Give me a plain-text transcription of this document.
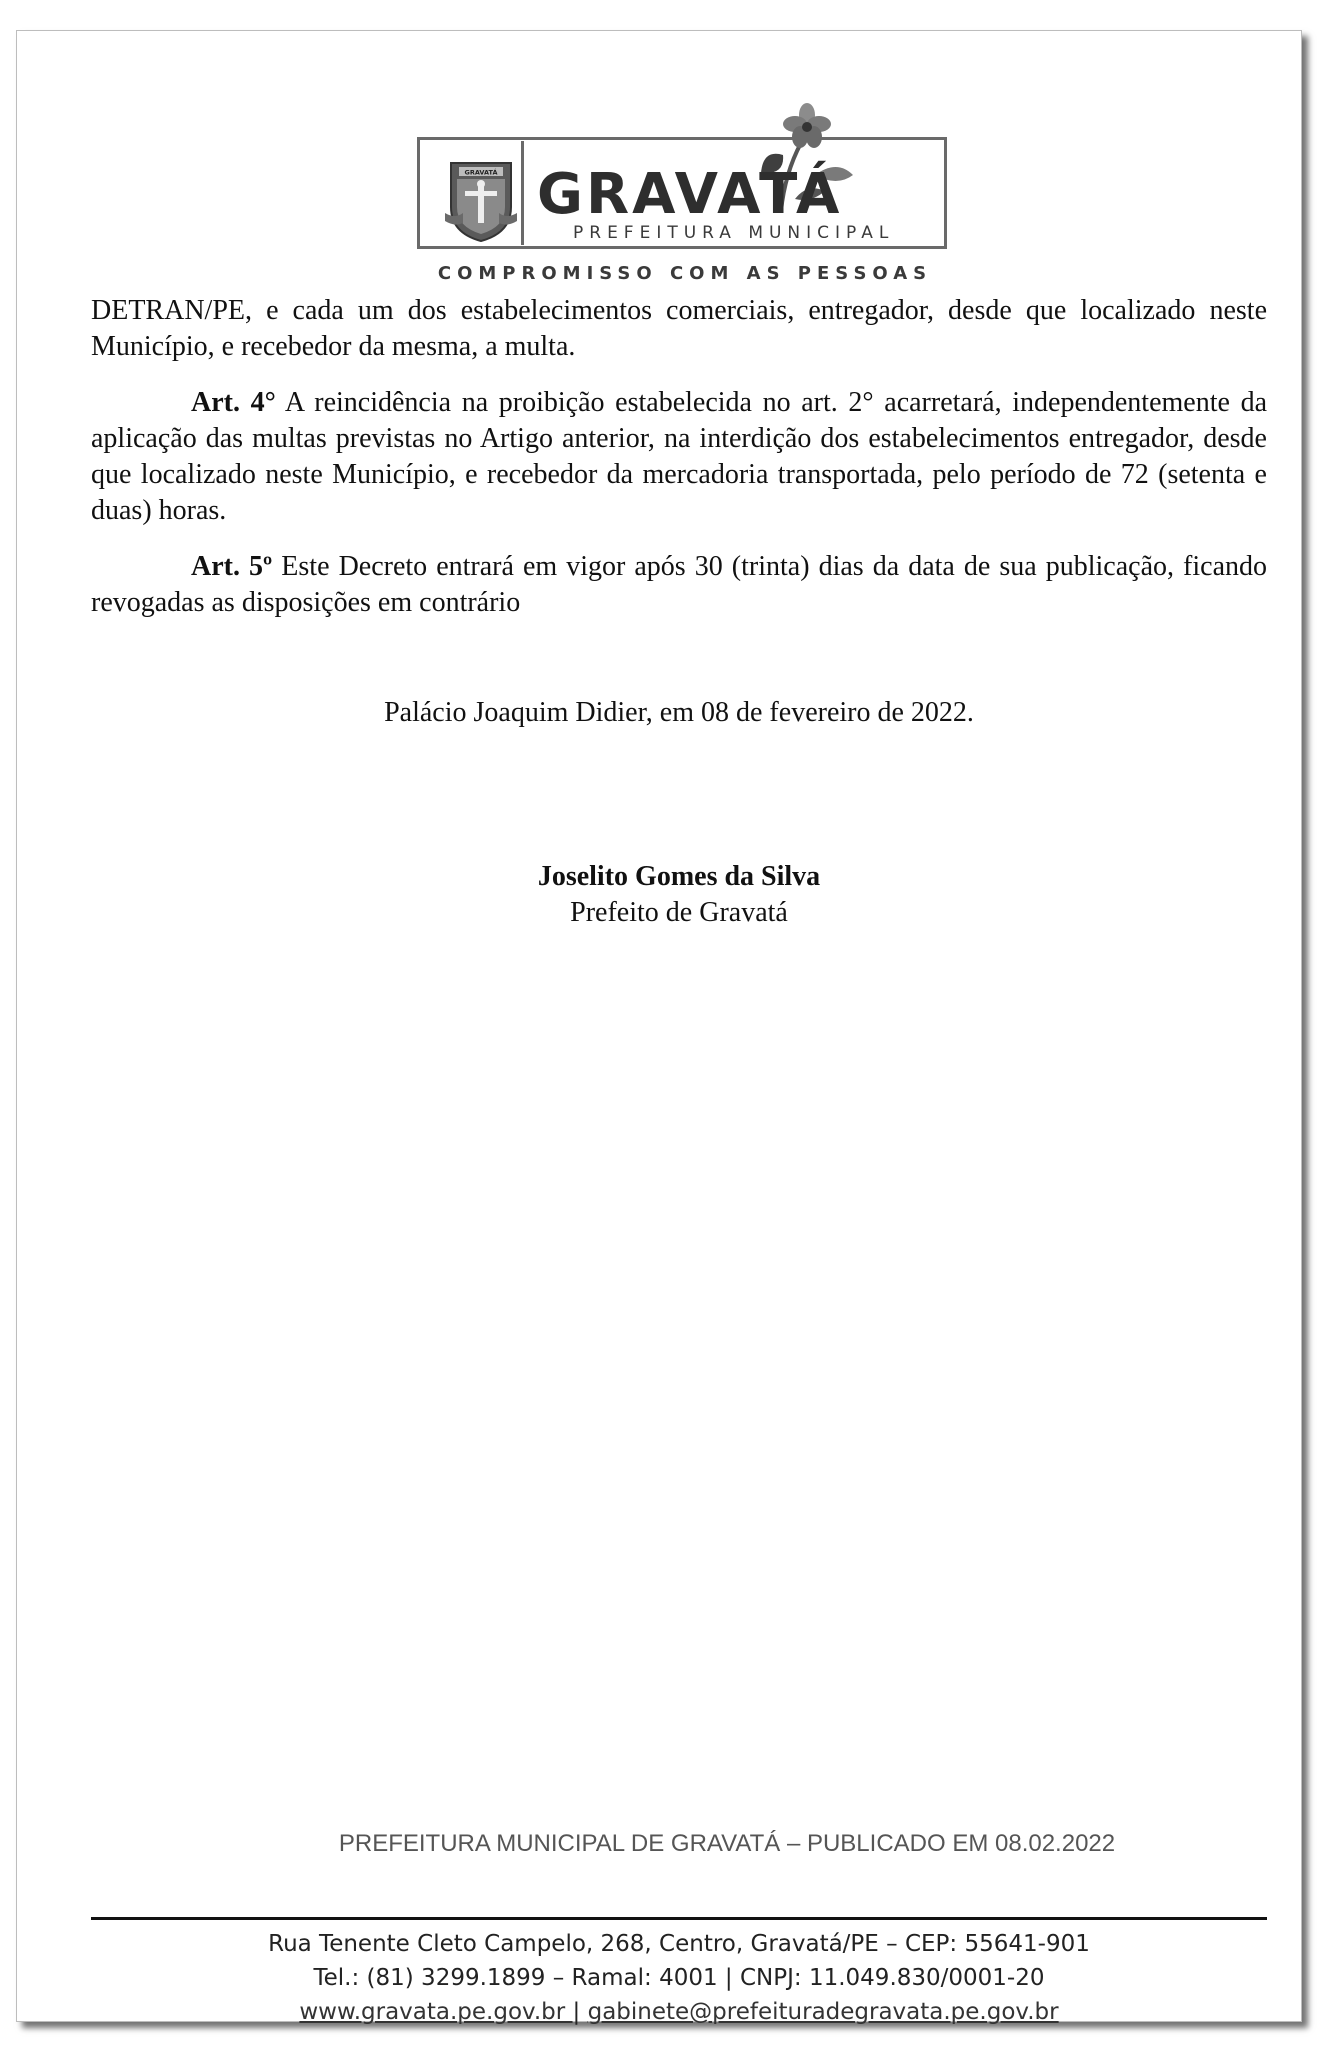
GRAVATÁ GRAVATÁ
PREFEITURA MUNICIPAL
COMPROMISSO COM AS PESSOAS

DETRAN/PE, e cada um dos estabelecimentos comerciais, entregador, desde que localizado neste Município, e recebedor da mesma, a multa.

Art. 4° A reincidência na proibição estabelecida no art. 2° acarretará, independentemente da aplicação das multas previstas no Artigo anterior, na interdição dos estabelecimentos entregador, desde que localizado neste Município, e recebedor da mercadoria transportada, pelo período de 72 (setenta e duas) horas.

Art. 5º Este Decreto entrará em vigor após 30 (trinta) dias da data de sua publicação, ficando revogadas as disposições em contrário

Palácio Joaquim Didier, em 08 de fevereiro de 2022.

Joselito Gomes da Silva

Prefeito de Gravatá

PREFEITURA MUNICIPAL DE GRAVATÁ – PUBLICADO EM 08.02.2022

Rua Tenente Cleto Campelo, 268, Centro, Gravatá/PE – CEP: 55641-901

Tel.: (81) 3299.1899 – Ramal: 4001 | CNPJ: 11.049.830/0001-20

www.gravata.pe.gov.br | gabinete@prefeituradegravata.pe.gov.br
